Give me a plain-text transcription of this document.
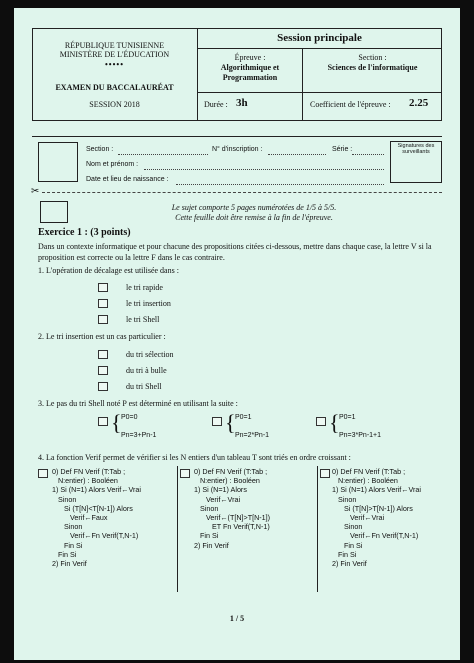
RÉPUBLIQUE TUNISIENNE
MINISTÈRE DE L'ÉDUCATION
•••••
EXAMEN DU BACCALAURÉAT
SESSION 2018
Session principale
Épreuve :
Algorithmique et Programmation
Section :
Sciences de l'informatique
Durée : 3h	Coefficient de l'épreuve : 2.25
Section :	N° d'inscription :	Série :	Signatures des surveillants
Nom et prénom :
Date et lieu de naissance :
✂
Le sujet comporte 5 pages numérotées de 1/5 à 5/5.
Cette feuille doit être remise à la fin de l'épreuve.
Exercice 1 : (3 points)
Dans un contexte informatique et pour chacune des propositions citées ci-dessous, mettre dans chaque case, la lettre V si la proposition est correcte ou la lettre F dans le cas contraire.
1. L'opération de décalage est utilisée dans :
le tri rapide
le tri insertion
le tri Shell
2. Le tri insertion est un cas particulier :
du tri sélection
du tri à bulle
du tri Shell
3. Le pas du tri Shell noté P est déterminé en utilisant la suite :
{ P0=0
Pn=3+Pn-1
{ P0=1
Pn=2*Pn-1
{ P0=1
Pn=3*Pn-1+1
4. La fonction Verif permet de vérifier si les N entiers d'un tableau T sont triés en ordre croissant :
0) Def FN Verif (T:Tab ;
N:entier) : Booléen
1) Si (N=1) Alors Verif←Vrai
Sinon
Si (T[N]<T[N-1]) Alors
Verif←Faux
Sinon
Verif←Fn Verif(T,N-1)
Fin Si
Fin Si
2) Fin Verif
0) Def FN Verif (T:Tab ;
N:entier) : Booléen
1) Si (N=1) Alors
Verif←Vrai
Sinon
Verif←(T[N]>T[N-1])
ET Fn Verif(T,N-1)
Fin Si
2) Fin Verif
0) Def FN Verif (T:Tab ;
N:entier) : Booléen
1) Si (N=1) Alors Verif←Vrai
Sinon
Si (T[N]>T[N-1]) Alors
Verif←Vrai
Sinon
Verif←Fn Verif(T,N-1)
Fin Si
Fin Si
2) Fin Verif
1 / 5
